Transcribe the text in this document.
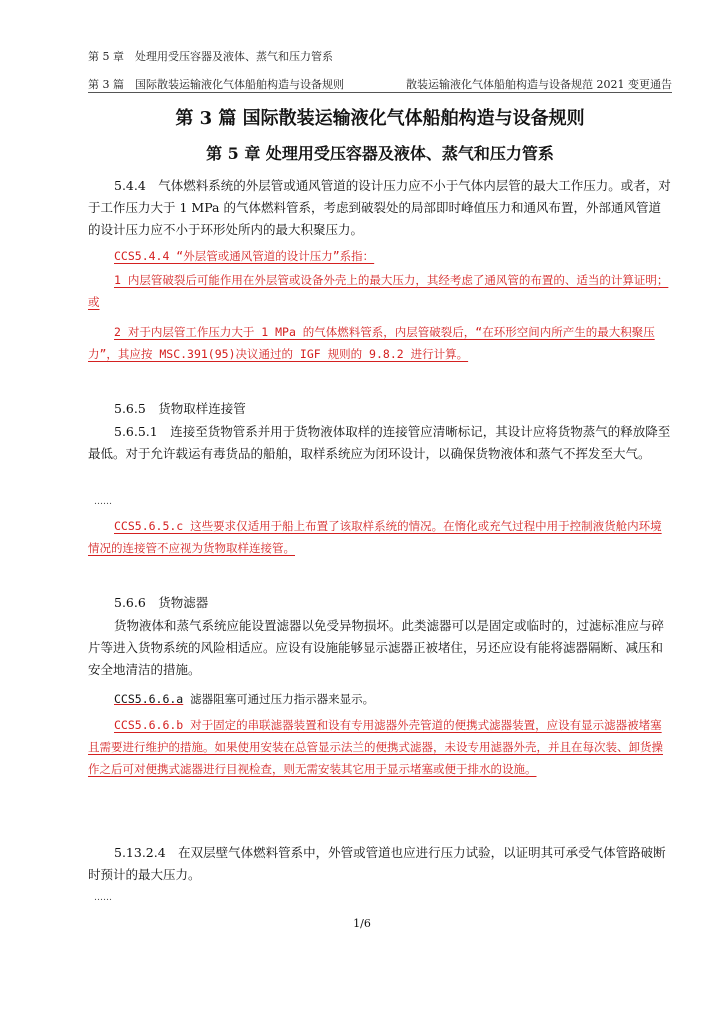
第 5 章　处理用受压容器及液体、蒸气和压力管系
第 3 篇　国际散装运输液化气体船舶构造与设备规则	散装运输液化气体船舶构造与设备规范 2021 变更通告
第 3 篇 国际散装运输液化气体船舶构造与设备规则
第 5 章 处理用受压容器及液体、蒸气和压力管系
5.4.4　气体燃料系统的外层管或通风管道的设计压力应不小于气体内层管的最大工作压力。或者，对于工作压力大于 1 MPa 的气体燃料管系，考虑到破裂处的局部即时峰值压力和通风布置，外部通风管道的设计压力应不小于环形处所内的最大积聚压力。
CCS5.4.4 “外层管或通风管道的设计压力”系指：
1 内层管破裂后可能作用在外层管或设备外壳上的最大压力，其经考虑了通风管的布置的、适当的计算证明；或
2 对于内层管工作压力大于 1 MPa 的气体燃料管系，内层管破裂后，“在环形空间内所产生的最大积聚压力”，其应按 MSC.391(95)决议通过的 IGF 规则的 9.8.2 进行计算。
5.6.5　货物取样连接管
5.6.5.1　连接至货物管系并用于货物液体取样的连接管应清晰标记，其设计应将货物蒸气的释放降至最低。对于允许载运有毒货品的船舶，取样系统应为闭环设计，以确保货物液体和蒸气不挥发至大气。
……
CCS5.6.5.c 这些要求仅适用于船上布置了该取样系统的情况。在惰化或充气过程中用于控制液货舱内环境情况的连接管不应视为货物取样连接管。
5.6.6　货物滤器
货物液体和蒸气系统应能设置滤器以免受异物损坏。此类滤器可以是固定或临时的，过滤标准应与碎片等进入货物系统的风险相适应。应设有设施能够显示滤器正被堵住，另还应设有能将滤器隔断、减压和安全地清洁的措施。
CCS5.6.6.a 滤器阻塞可通过压力指示器来显示。
CCS5.6.6.b 对于固定的串联滤器装置和设有专用滤器外壳管道的便携式滤器装置，应设有显示滤器被堵塞且需要进行维护的措施。如果使用安装在总管显示法兰的便携式滤器，未设专用滤器外壳，并且在每次装、卸货操作之后可对便携式滤器进行目视检查，则无需安装其它用于显示堵塞或便于排水的设施。
5.13.2.4　在双层壁气体燃料管系中，外管或管道也应进行压力试验，以证明其可承受气体管路破断时预计的最大压力。
……
1/6
